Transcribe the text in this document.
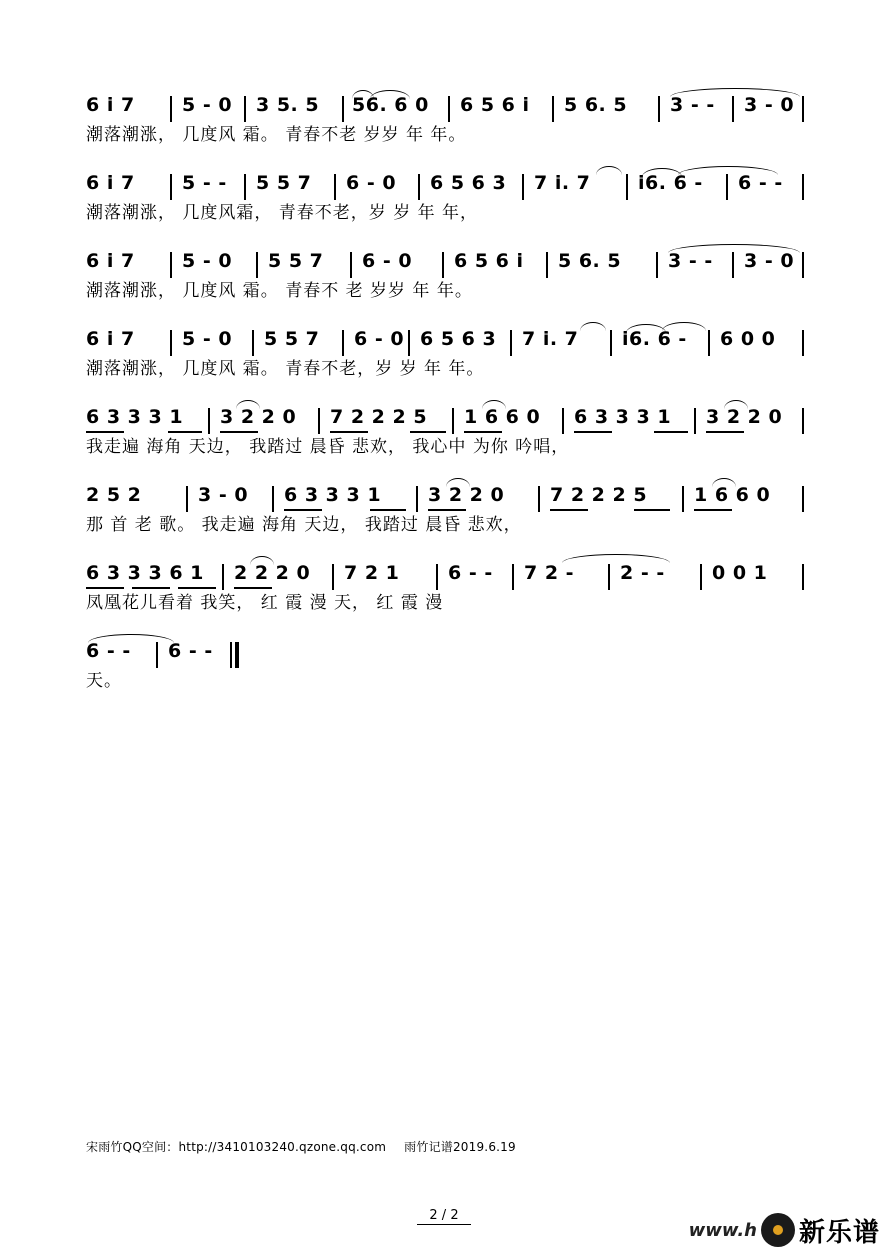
6 i 7 5 - 0 3 5. 5 56. 6 0 6 5 6 i 5 6. 5 3 - - 3 - 0
潮落潮涨， 几度风 霜。 青春不老 岁岁 年 年。
6 i 7 5 - - 5 5 7 6 - 0 6 5 6 3 7 i. 7	i6. 6 - 6 - -
潮落潮涨， 几度风霜， 青春不老，岁 岁 年 年，
6 i 7 5 - 0 5 5 7 6 - 0 6 5 6 i 5 6. 5 3 - - 3 - 0
潮落潮涨， 几度风 霜。 青春不 老 岁岁 年 年。
6 i 7 5 - 0 5 5 7 6 - 0 6 5 6 3 7 i. 7 i6. 6 - 6 0 0
潮落潮涨， 几度风 霜。 青春不老，岁 岁 年 年。
6 3 3 3 1 3 2 2 0 7 2 2 2 5 1 6 6 0 6 3 3 3 1 3 2 2 0
我走遍 海角 天边， 我踏过 晨昏 悲欢， 我心中 为你 吟唱，
2 5 2	3 - 0 6 3 3 3 1 3 2 2 0 7 2 2 2 5 1 6 6 0
那 首 老 歌。 我走遍 海角 天边， 我踏过 晨昏 悲欢，
6 3 3 3 6 1 2 2 2 0 7 2 1	6 - - 7 2 - 2 - - 0 0 1
凤凰花儿看着 我笑， 红 霞 漫 天， 红 霞 漫
6 - - 6 - -
天。
宋雨竹QQ空间：http://3410103240.qzone.qq.com 雨竹记谱2019.6.19
2 / 2
www.h 新乐谱
